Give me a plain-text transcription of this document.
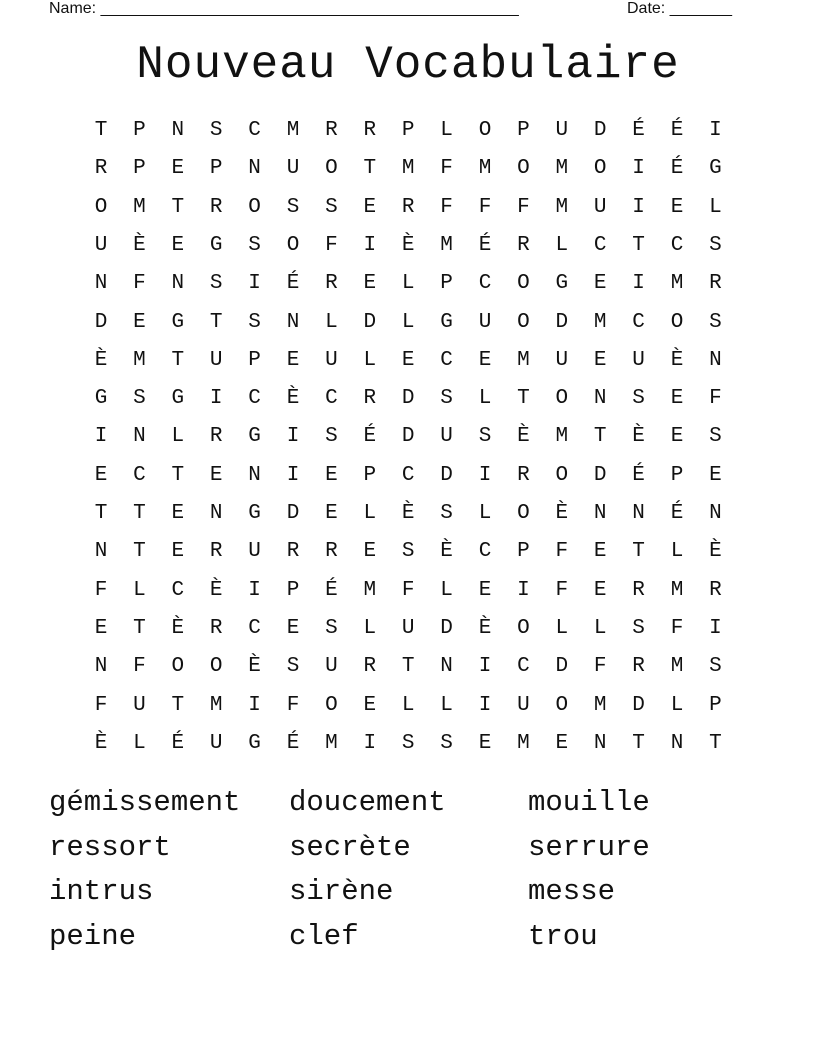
Name: _______________________________________________	Date: _______
Nouveau Vocabulaire
T	P	N	S	C	M	R	R	P	L	O	P	U	D	É	É	I
R	P	E	P	N	U	O	T	M	F	M	O	M	O	I	É	G
O	M	T	R	O	S	S	E	R	F	F	F	M	U	I	E	L
U	È	E	G	S	O	F	I	È	M	É	R	L	C	T	C	S
N	F	N	S	I	É	R	E	L	P	C	O	G	E	I	M	R
D	E	G	T	S	N	L	D	L	G	U	O	D	M	C	O	S
È	M	T	U	P	E	U	L	E	C	E	M	U	E	U	È	N
G	S	G	I	C	È	C	R	D	S	L	T	O	N	S	E	F
I	N	L	R	G	I	S	É	D	U	S	È	M	T	È	E	S
E	C	T	E	N	I	E	P	C	D	I	R	O	D	É	P	E
T	T	E	N	G	D	E	L	È	S	L	O	È	N	N	É	N
N	T	E	R	U	R	R	E	S	È	C	P	F	E	T	L	È
F	L	C	È	I	P	É	M	F	L	E	I	F	E	R	M	R
E	T	È	R	C	E	S	L	U	D	È	O	L	L	S	F	I
N	F	O	O	È	S	U	R	T	N	I	C	D	F	R	M	S
F	U	T	M	I	F	O	E	L	L	I	U	O	M	D	L	P
È	L	É	U	G	É	M	I	S	S	E	M	E	N	T	N	T
gémissement doucement	mouille
ressort	secrète	serrure
intrus	sirène	messe
peine	clef	trou
